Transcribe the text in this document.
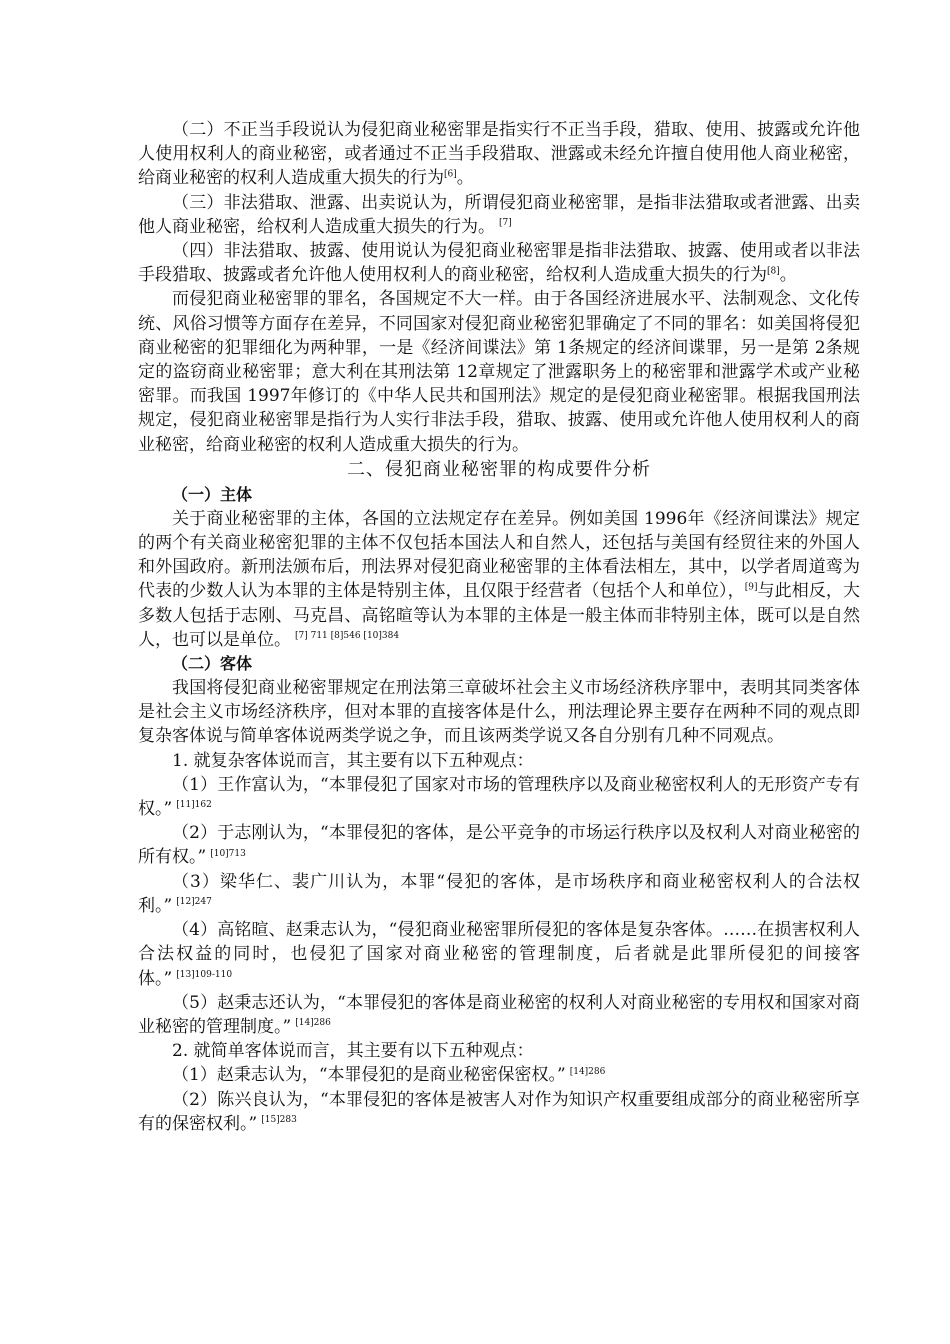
（二）不正当手段说认为侵犯商业秘密罪是指实行不正当手段，猎取、使用、披露或允许他人使用权利人的商业秘密，或者通过不正当手段猎取、泄露或未经允许擅自使用他人商业秘密，给商业秘密的权利人造成重大损失的行为[6]。

（三）非法猎取、泄露、出卖说认为，所谓侵犯商业秘密罪，是指非法猎取或者泄露、出卖他人商业秘密，给权利人造成重大损失的行为。 [7]

（四）非法猎取、披露、使用说认为侵犯商业秘密罪是指非法猎取、披露、使用或者以非法手段猎取、披露或者允许他人使用权利人的商业秘密，给权利人造成重大损失的行为[8]。

而侵犯商业秘密罪的罪名，各国规定不大一样。由于各国经济进展水平、法制观念、文化传统、风俗习惯等方面存在差异，不同国家对侵犯商业秘密犯罪确定了不同的罪名：如美国将侵犯商业秘密的犯罪细化为两种罪，一是《经济间谍法》第 1条规定的经济间谍罪，另一是第 2条规定的盗窃商业秘密罪；意大利在其刑法第 12章规定了泄露职务上的秘密罪和泄露学术或产业秘密罪。而我国 1997年修订的《中华人民共和国刑法》规定的是侵犯商业秘密罪。根据我国刑法规定，侵犯商业秘密罪是指行为人实行非法手段，猎取、披露、使用或允许他人使用权利人的商业秘密，给商业秘密的权利人造成重大损失的行为。

二、侵犯商业秘密罪的构成要件分析

（一）主体

关于商业秘密罪的主体，各国的立法规定存在差异。例如美国 1996年《经济间谍法》规定的两个有关商业秘密犯罪的主体不仅包括本国法人和自然人，还包括与美国有经贸往来的外国人和外国政府。新刑法颁布后，刑法界对侵犯商业秘密罪的主体看法相左，其中，以学者周道鸾为代表的少数人认为本罪的主体是特别主体，且仅限于经营者（包括个人和单位），[9]与此相反，大多数人包括于志刚、马克昌、高铭暄等认为本罪的主体是一般主体而非特别主体，既可以是自然人，也可以是单位。 $^{[7] 711 [8]546 [10]384}$

（二）客体

我国将侵犯商业秘密罪规定在刑法第三章破坏社会主义市场经济秩序罪中，表明其同类客体是社会主义市场经济秩序，但对本罪的直接客体是什么，刑法理论界主要存在两种不同的观点即复杂客体说与简单客体说两类学说之争，而且该两类学说又各自分别有几种不同观点。

1. 就复杂客体说而言，其主要有以下五种观点：

（1）王作富认为，“本罪侵犯了国家对市场的管理秩序以及商业秘密权利人的无形资产专有权。” $^{[11]162}$

（2）于志刚认为，“本罪侵犯的客体，是公平竞争的市场运行秩序以及权利人对商业秘密的所有权。” $^{[10]713}$

（3）梁华仁、裴广川认为，本罪“侵犯的客体，是市场秩序和商业秘密权利人的合法权利。” $^{[12]247}$

（4）高铭暄、赵秉志认为，“侵犯商业秘密罪所侵犯的客体是复杂客体。……在损害权利人合法权益的同时，也侵犯了国家对商业秘密的管理制度，后者就是此罪所侵犯的间接客体。” $^{[13]109-110}$

（5）赵秉志还认为，“本罪侵犯的客体是商业秘密的权利人对商业秘密的专用权和国家对商业秘密的管理制度。” $^{[14]286}$

2. 就简单客体说而言，其主要有以下五种观点：

（1）赵秉志认为，“本罪侵犯的是商业秘密保密权。” $^{[14]286}$

（2）陈兴良认为，“本罪侵犯的客体是被害人对作为知识产权重要组成部分的商业秘密所享有的保密权利。” $^{[15]283}$
